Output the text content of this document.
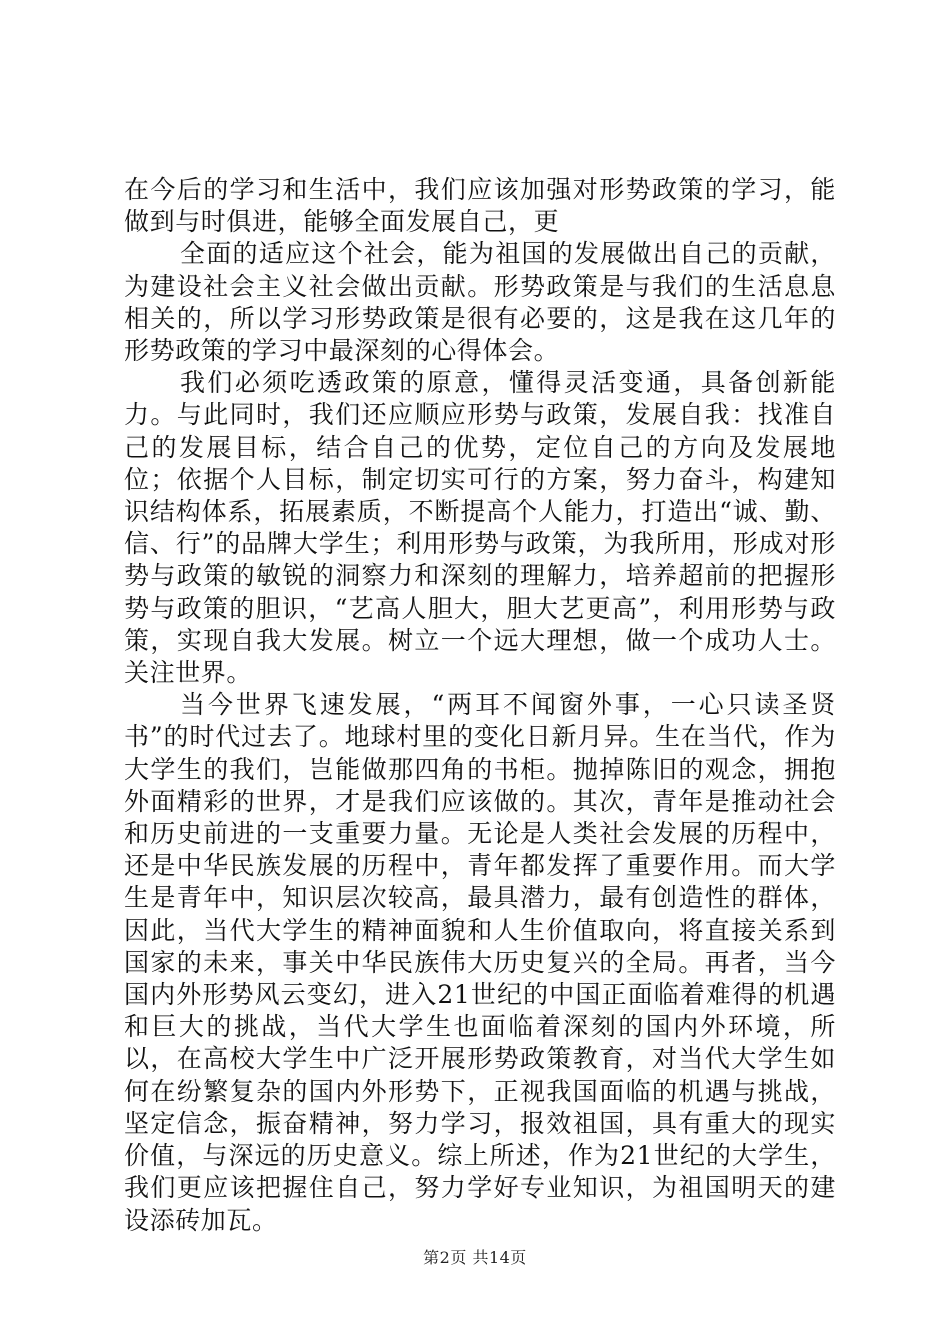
在今后的学习和生活中，我们应该加强对形势政策的学习，能做到与时俱进，能够全面发展自己，更

全面的适应这个社会，能为祖国的发展做出自己的贡献，为建设社会主义社会做出贡献。形势政策是与我们的生活息息相关的，所以学习形势政策是很有必要的，这是我在这几年的形势政策的学习中最深刻的心得体会。

我们必须吃透政策的原意，懂得灵活变通，具备创新能力。与此同时，我们还应顺应形势与政策，发展自我：找准自己的发展目标，结合自己的优势，定位自己的方向及发展地位；依据个人目标，制定切实可行的方案，努力奋斗，构建知识结构体系，拓展素质，不断提高个人能力，打造出“诚、勤、信、行”的品牌大学生；利用形势与政策，为我所用，形成对形势与政策的敏锐的洞察力和深刻的理解力，培养超前的把握形势与政策的胆识，“艺高人胆大，胆大艺更高”，利用形势与政策，实现自我大发展。树立一个远大理想，做一个成功人士。关注世界。

当今世界飞速发展，“两耳不闻窗外事，一心只读圣贤书”的时代过去了。地球村里的变化日新月异。生在当代，作为大学生的我们，岂能做那四角的书柜。抛掉陈旧的观念，拥抱外面精彩的世界，才是我们应该做的。其次，青年是推动社会和历史前进的一支重要力量。无论是人类社会发展的历程中，还是中华民族发展的历程中，青年都发挥了重要作用。而大学生是青年中，知识层次较高，最具潜力，最有创造性的群体，因此，当代大学生的精神面貌和人生价值取向，将直接关系到国家的未来，事关中华民族伟大历史复兴的全局。再者，当今国内外形势风云变幻，进入21世纪的中国正面临着难得的机遇和巨大的挑战，当代大学生也面临着深刻的国内外环境，所以，在高校大学生中广泛开展形势政策教育，对当代大学生如何在纷繁复杂的国内外形势下，正视我国面临的机遇与挑战，坚定信念，振奋精神，努力学习，报效祖国，具有重大的现实价值，与深远的历史意义。综上所述，作为21世纪的大学生，我们更应该把握住自己，努力学好专业知识，为祖国明天的建设添砖加瓦。

第2页 共14页
